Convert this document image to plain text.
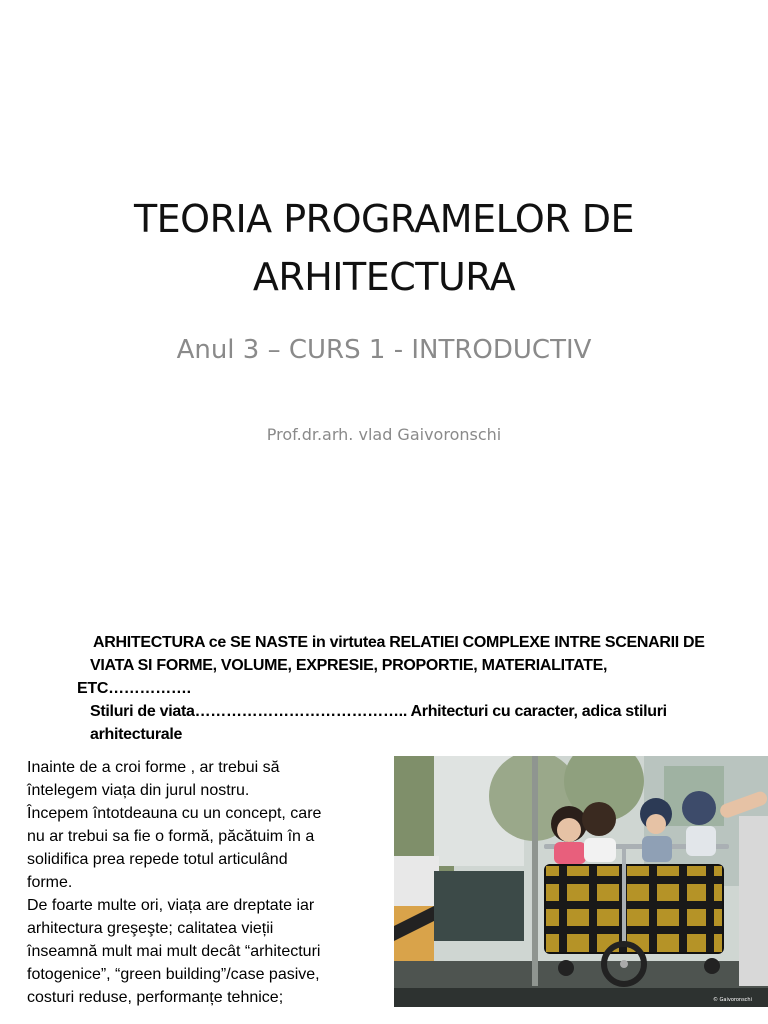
TEORIA PROGRAMELOR DE
ARHITECTURA
Anul 3 – CURS 1 - INTRODUCTIV
Prof.dr.arh. vlad Gaivoronschi

ARHITECTURA ce SE NASTE in virtutea RELATIEI COMPLEXE INTRE SCENARII DE

VIATA SI FORME, VOLUME, EXPRESIE, PROPORTIE, MATERIALITATE,

ETC…………….

Stiluri de viata………………………………….. Arhitecturi cu caracter, adica stiluri

arhitecturale

Inainte de a croi forme , ar trebui să

întelegem viața din jurul nostru.

Începem întotdeauna cu un concept, care

nu ar trebui sa fie o formă, păcătuim în a

solidifica prea repede totul articulând

forme.

De foarte multe ori, viața are dreptate iar

arhitectura greşeşte; calitatea vieții

înseamnă mult mai mult decât “arhitecturi

fotogenice”, “green building”/case pasive,

costuri reduse, performanțe tehnice;	© Gaivoronschi
